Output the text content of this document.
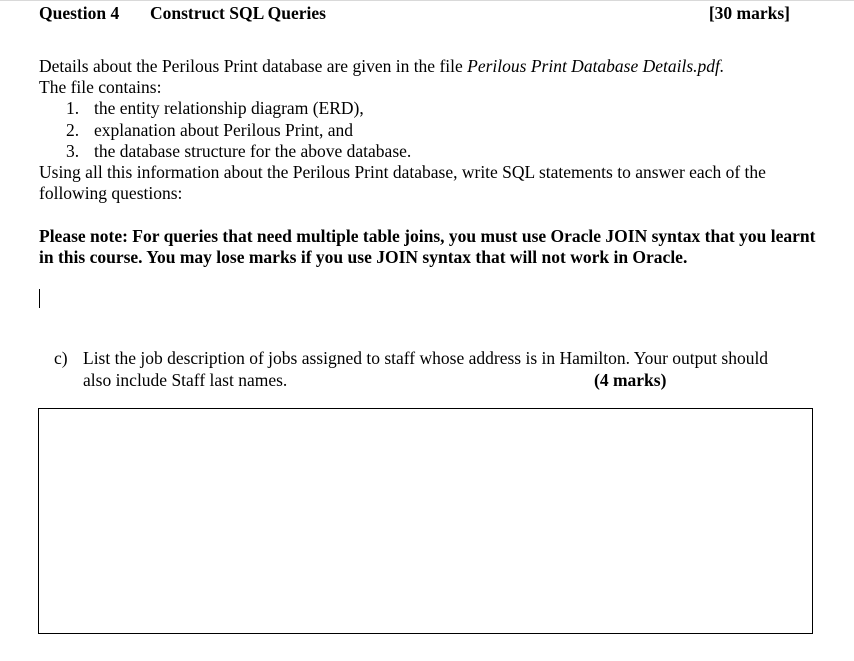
Question 4 Construct SQL Queries	[30 marks]

Details about the Perilous Print database are given in the file Perilous Print Database Details.pdf.

The file contains:

1. the entity relationship diagram (ERD),
2. explanation about Perilous Print, and
3. the database structure for the above database.

Using all this information about the Perilous Print database, write SQL statements to answer each of the following questions:

Please note: For queries that need multiple table joins, you must use Oracle JOIN syntax that you learnt in this course. You may lose marks if you use JOIN syntax that will not work in Oracle.

c) List the job description of jobs assigned to staff whose address is in Hamilton. Your output should
also include Staff last names.	(4 marks)
